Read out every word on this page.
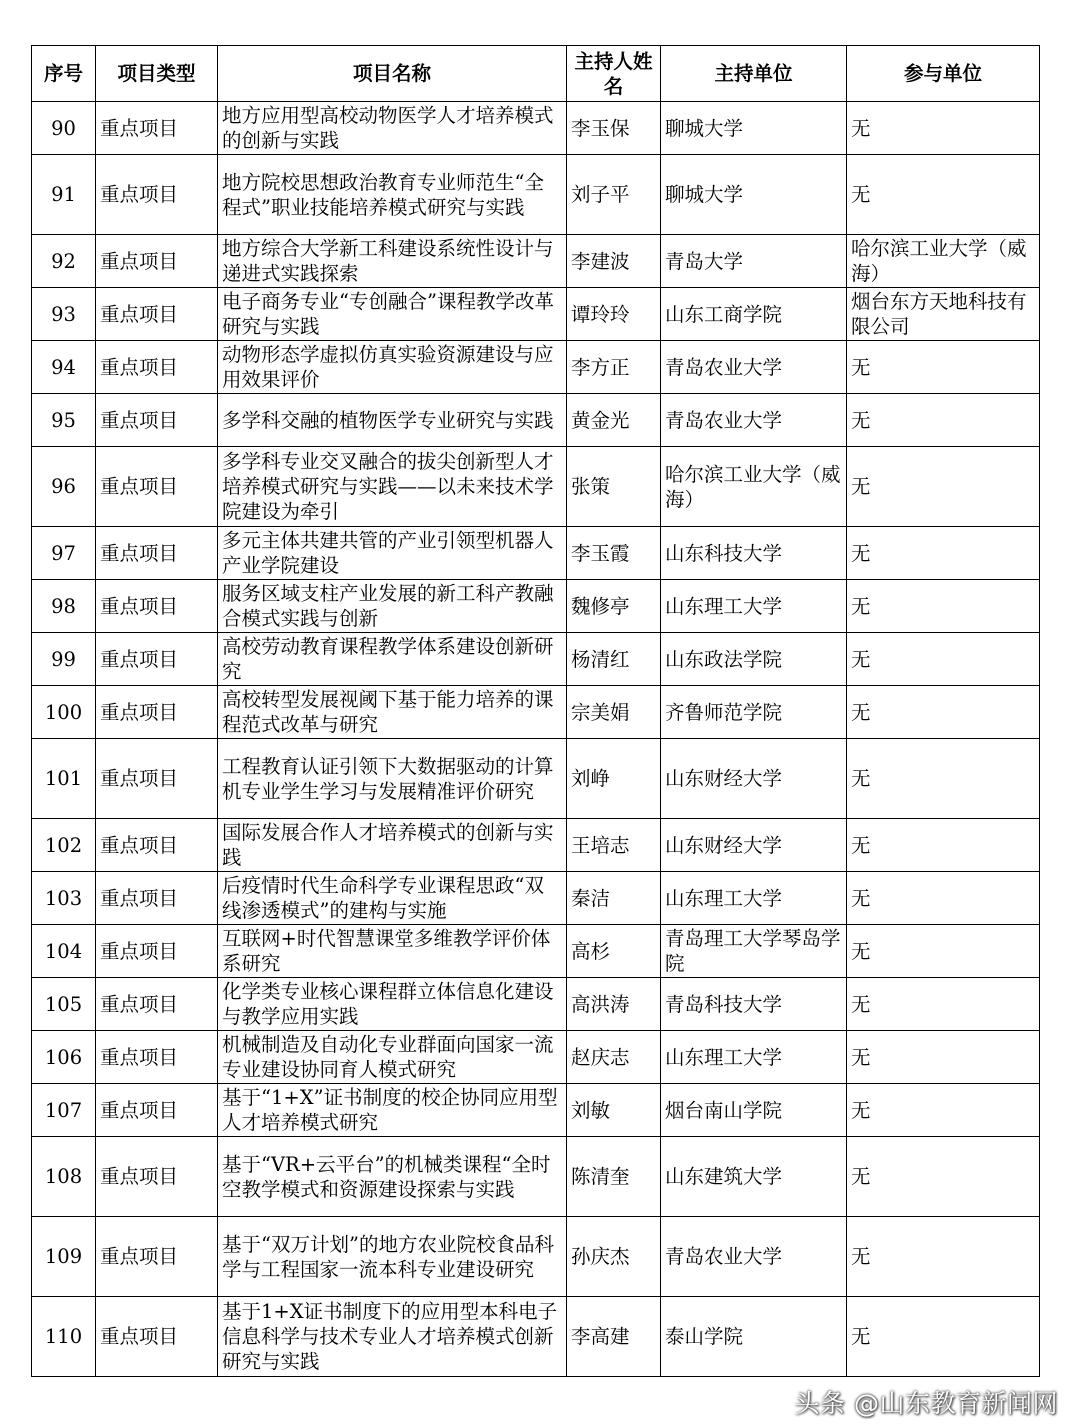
序号	项目类型	项目名称	主持人姓名	主持单位	参与单位
90	重点项目	地方应用型高校动物医学人才培养模式的创新与实践	李玉保	聊城大学	无
91	重点项目	地方院校思想政治教育专业师范生“全程式”职业技能培养模式研究与实践	刘子平	聊城大学	无
92	重点项目	地方综合大学新工科建设系统性设计与递进式实践探索	李建波	青岛大学	哈尔滨工业大学（威海）
93	重点项目	电子商务专业“专创融合”课程教学改革研究与实践	谭玲玲	山东工商学院	烟台东方天地科技有限公司
94	重点项目	动物形态学虚拟仿真实验资源建设与应用效果评价	李方正	青岛农业大学	无
95	重点项目	多学科交融的植物医学专业研究与实践	黄金光	青岛农业大学	无
96	重点项目	多学科专业交叉融合的拔尖创新型人才培养模式研究与实践——以未来技术学院建设为牵引	张策	哈尔滨工业大学（威海）	无
97	重点项目	多元主体共建共管的产业引领型机器人产业学院建设	李玉霞	山东科技大学	无
98	重点项目	服务区域支柱产业发展的新工科产教融合模式实践与创新	魏修亭	山东理工大学	无
99	重点项目	高校劳动教育课程教学体系建设创新研究	杨清红	山东政法学院	无
100	重点项目	高校转型发展视阈下基于能力培养的课程范式改革与研究	宗美娟	齐鲁师范学院	无
101	重点项目	工程教育认证引领下大数据驱动的计算机专业学生学习与发展精准评价研究	刘峥	山东财经大学	无
102	重点项目	国际发展合作人才培养模式的创新与实践	王培志	山东财经大学	无
103	重点项目	后疫情时代生命科学专业课程思政“双线渗透模式”的建构与实施	秦洁	山东理工大学	无
104	重点项目	互联网+时代智慧课堂多维教学评价体系研究	高杉	青岛理工大学琴岛学院	无
105	重点项目	化学类专业核心课程群立体信息化建设与教学应用实践	高洪涛	青岛科技大学	无
106	重点项目	机械制造及自动化专业群面向国家一流专业建设协同育人模式研究	赵庆志	山东理工大学	无
107	重点项目	基于“1+X”证书制度的校企协同应用型人才培养模式研究	刘敏	烟台南山学院	无
108	重点项目	基于“VR+云平台”的机械类课程“全时空教学模式和资源建设探索与实践	陈清奎	山东建筑大学	无
109	重点项目	基于“双万计划”的地方农业院校食品科学与工程国家一流本科专业建设研究	孙庆杰	青岛农业大学	无
110	重点项目	基于1+X证书制度下的应用型本科电子信息科学与技术专业人才培养模式创新研究与实践	李高建	泰山学院	无
头条 @山东教育新闻网
